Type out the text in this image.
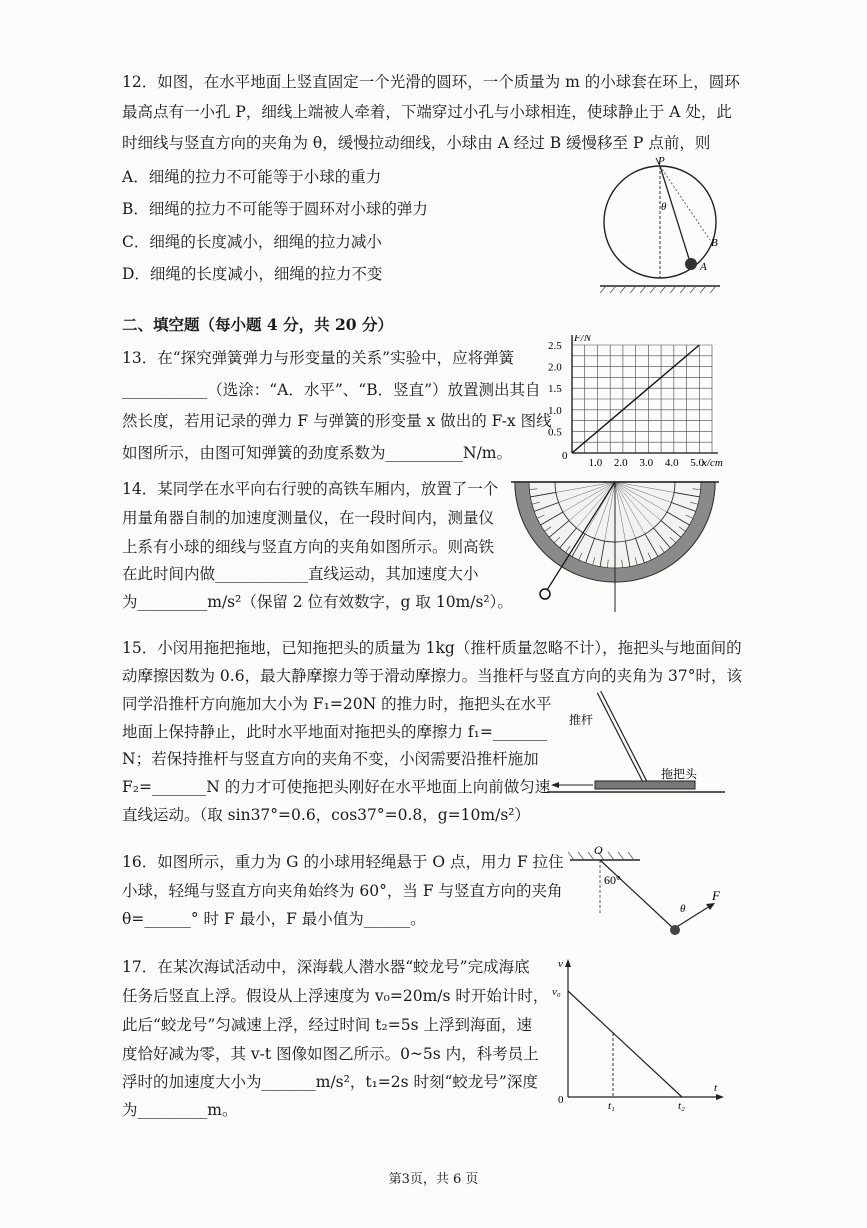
12．如图，在水平地面上竖直固定一个光滑的圆环，一个质量为 m 的小球套在环上，圆环
最高点有一小孔 P，细线上端被人牵着，下端穿过小孔与小球相连，使球静止于 A 处，此
时细线与竖直方向的夹角为 θ，缓慢拉动细线，小球由 A 经过 B 缓慢移至 P 点前，则
A．细绳的拉力不可能等于小球的重力
B．细绳的拉力不可能等于圆环对小球的弹力
C．细绳的长度减小，细绳的拉力减小
D．细绳的长度减小，细绳的拉力不变
P
θ
B
A
二、填空题（每小题 4 分，共 20 分）
13．在“探究弹簧弹力与形变量的关系”实验中，应将弹簧
___________（选涂：“A．水平”、“B．竖直”）放置测出其自
然长度，若用记录的弹力 F 与弹簧的形变量 x 做出的 F-x 图线
如图所示，由图可知弹簧的劲度系数为__________N/m。
1.0 2.0 3.0 4.0 5.0
0.5
1.0
1.5
2.0
2.5
0
F/N
x/cm
14．某同学在水平向右行驶的高铁车厢内，放置了一个
用量角器自制的加速度测量仪，在一段时间内，测量仪
上系有小球的细线与竖直方向的夹角如图所示。则高铁
在此时间内做____________直线运动，其加速度大小
为_________m/s²（保留 2 位有效数字，g 取 10m/s²）。
15．小闵用拖把拖地，已知拖把头的质量为 1kg（推杆质量忽略不计），拖把头与地面间的
动摩擦因数为 0.6，最大静摩擦力等于滑动摩擦力。当推杆与竖直方向的夹角为 37°时，该
同学沿推杆方向施加大小为 F₁=20N 的推力时，拖把头在水平
地面上保持静止，此时水平地面对拖把头的摩擦力 f₁=_______
N；若保持推杆与竖直方向的夹角不变，小闵需要沿推杆施加
F₂=_______N 的力才可使拖把头刚好在水平地面上向前做匀速
直线运动。（取 sin37°=0.6，cos37°=0.8，g=10m/s²）
推杆
拖把头
16．如图所示，重力为 G 的小球用轻绳悬于 O 点，用力 F 拉住
小球，轻绳与竖直方向夹角始终为 60°，当 F 与竖直方向的夹角
θ=______° 时 F 最小，F 最小值为______。
O
60°
θ
F
17．在某次海试活动中，深海载人潜水器“蛟龙号”完成海底
任务后竖直上浮。假设从上浮速度为 v₀=20m/s 时开始计时，
此后“蛟龙号”匀减速上浮，经过时间 t₂=5s 上浮到海面，速
度恰好减为零，其 v-t 图像如图乙所示。0~5s 内，科考员上
浮时的加速度大小为_______m/s²，t₁=2s 时刻“蛟龙号”深度
为_________m。
v
v₀
0	t₁	t₂
t
第3页，共 6 页
